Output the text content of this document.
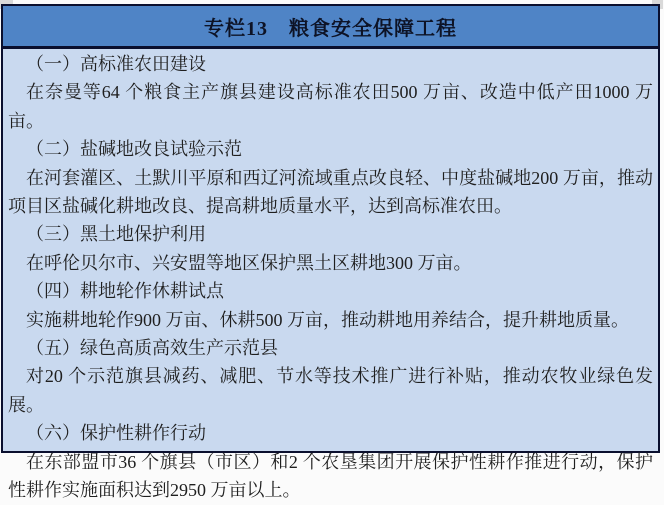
专栏13　粮食安全保障工程

（一）高标准农田建设

在奈曼等64 个粮食主产旗县建设高标准农田500 万亩、改造中低产田1000 万亩。

（二）盐碱地改良试验示范

在河套灌区、土默川平原和西辽河流域重点改良轻、中度盐碱地200 万亩，推动项目区盐碱化耕地改良、提高耕地质量水平，达到高标准农田。

（三）黑土地保护利用

在呼伦贝尔市、兴安盟等地区保护黑土区耕地300 万亩。

（四）耕地轮作休耕试点

实施耕地轮作900 万亩、休耕500 万亩，推动耕地用养结合，提升耕地质量。

（五）绿色高质高效生产示范县

对20 个示范旗县减药、减肥、节水等技术推广进行补贴，推动农牧业绿色发展。

（六）保护性耕作行动

在东部盟市36 个旗县（市区）和2 个农垦集团开展保护性耕作推进行动，保护性耕作实施面积达到2950 万亩以上。
